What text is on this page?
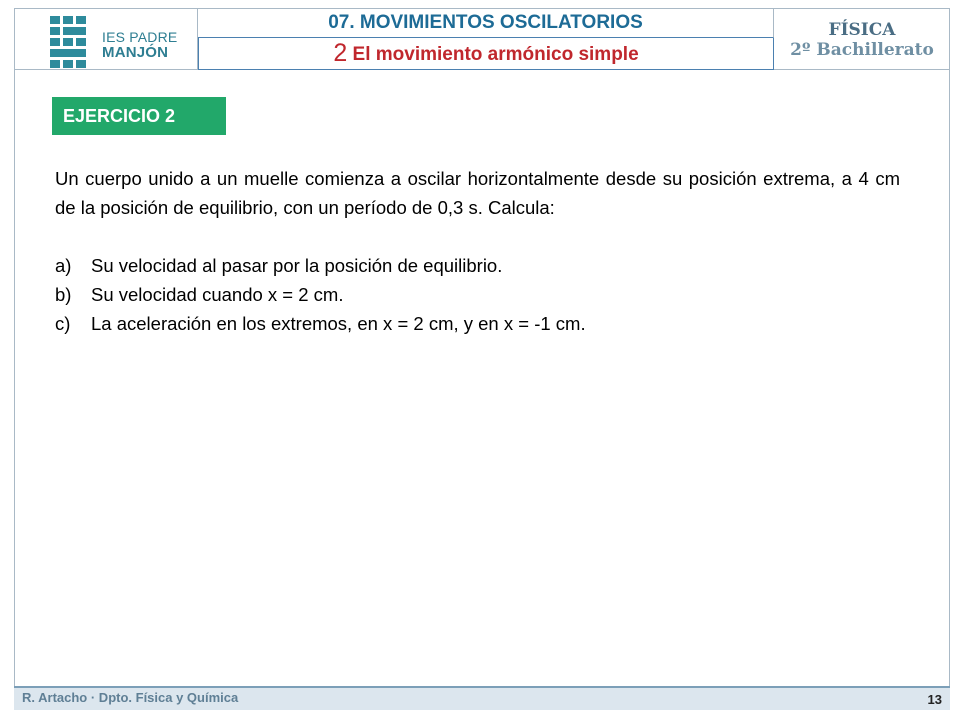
IES PADRE
MANJÓN
07. MOVIMIENTOS OSCILATORIOS
2 El movimiento armónico simple
FÍSICA
2º Bachillerato
EJERCICIO 2
Un cuerpo unido a un muelle comienza a oscilar horizontalmente desde su posición extrema, a 4 cm de la posición de equilibrio, con un período de 0,3 s. Calcula:
a) Su velocidad al pasar por la posición de equilibrio.
b) Su velocidad cuando x = 2 cm.
c) La aceleración en los extremos, en x = 2 cm, y en x = -1 cm.
R. Artacho · Dpto. Física y Química	13
